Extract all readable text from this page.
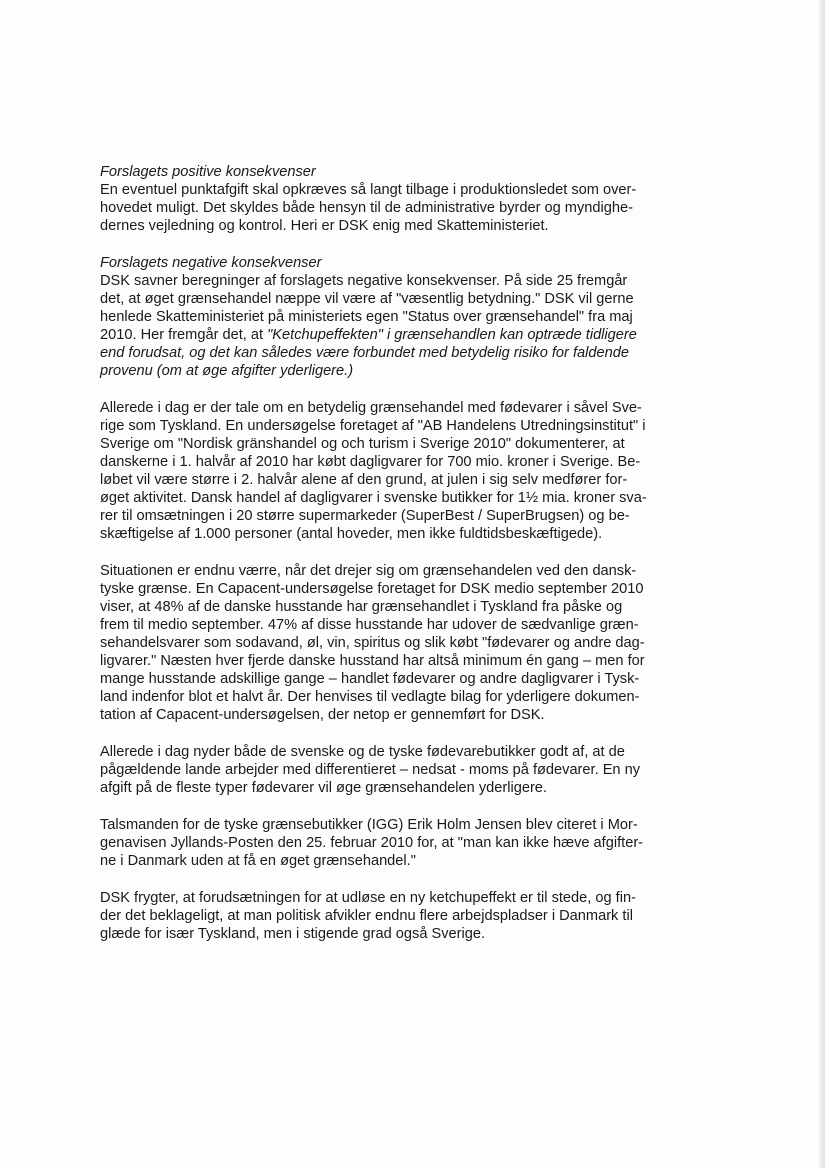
Forslagets positive konsekvenser

En eventuel punktafgift skal opkræves så langt tilbage i produktionsledet som over-
hovedet muligt. Det skyldes både hensyn til de administrative byrder og myndighe-
dernes vejledning og kontrol. Heri er DSK enig med Skatteministeriet.

Forslagets negative konsekvenser

DSK savner beregninger af forslagets negative konsekvenser. På side 25 fremgår
det, at øget grænsehandel næppe vil være af "væsentlig betydning." DSK vil gerne
henlede Skatteministeriet på ministeriets egen "Status over grænsehandel" fra maj
2010. Her fremgår det, at "Ketchupeffekten" i grænsehandlen kan optræde tidligere
end forudsat, og det kan således være forbundet med betydelig risiko for faldende
provenu (om at øge afgifter yderligere.)

Allerede i dag er der tale om en betydelig grænsehandel med fødevarer i såvel Sve-
rige som Tyskland. En undersøgelse foretaget af "AB Handelens Utredningsinstitut" i
Sverige om "Nordisk gränshandel og och turism i Sverige 2010" dokumenterer, at
danskerne i 1. halvår af 2010 har købt dagligvarer for 700 mio. kroner i Sverige. Be-
løbet vil være større i 2. halvår alene af den grund, at julen i sig selv medfører for-
øget aktivitet. Dansk handel af dagligvarer i svenske butikker for 1½ mia. kroner sva-
rer til omsætningen i 20 større supermarkeder (SuperBest / SuperBrugsen) og be-
skæftigelse af 1.000 personer (antal hoveder, men ikke fuldtidsbeskæftigede).

Situationen er endnu værre, når det drejer sig om grænsehandelen ved den dansk-
tyske grænse. En Capacent-undersøgelse foretaget for DSK medio september 2010
viser, at 48% af de danske husstande har grænsehandlet i Tyskland fra påske og
frem til medio september. 47% af disse husstande har udover de sædvanlige græn-
sehandelsvarer som sodavand, øl, vin, spiritus og slik købt "fødevarer og andre dag-
ligvarer." Næsten hver fjerde danske husstand har altså minimum én gang – men for
mange husstande adskillige gange – handlet fødevarer og andre dagligvarer i Tysk-
land indenfor blot et halvt år. Der henvises til vedlagte bilag for yderligere dokumen-
tation af Capacent-undersøgelsen, der netop er gennemført for DSK.

Allerede i dag nyder både de svenske og de tyske fødevarebutikker godt af, at de
pågældende lande arbejder med differentieret – nedsat - moms på fødevarer. En ny
afgift på de fleste typer fødevarer vil øge grænsehandelen yderligere.

Talsmanden for de tyske grænsebutikker (IGG) Erik Holm Jensen blev citeret i Mor-
genavisen Jyllands-Posten den 25. februar 2010 for, at "man kan ikke hæve afgifter-
ne i Danmark uden at få en øget grænsehandel."

DSK frygter, at forudsætningen for at udløse en ny ketchupeffekt er til stede, og fin-
der det beklageligt, at man politisk afvikler endnu flere arbejdspladser i Danmark til
glæde for især Tyskland, men i stigende grad også Sverige.
